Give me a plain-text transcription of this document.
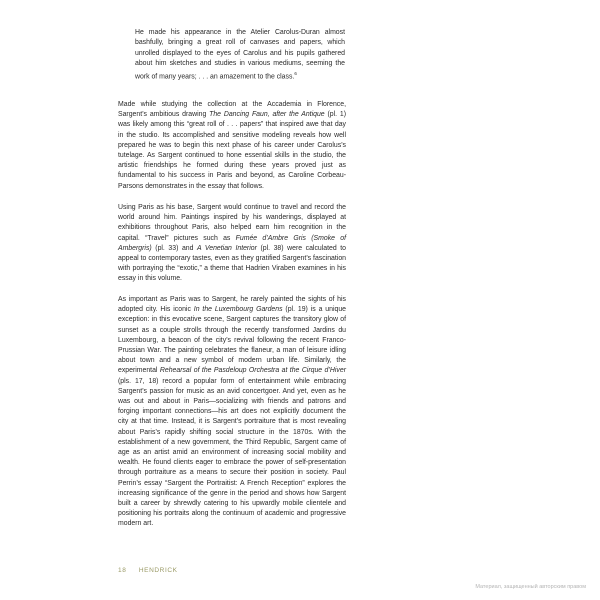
He made his appearance in the Atelier Carolus-Duran almost bashfully, bringing a great roll of canvases and papers, which unrolled displayed to the eyes of Carolus and his pupils gathered about him sketches and studies in various mediums, seeming the work of many years; . . . an amazement to the class.$^6$

Made while studying the collection at the Accademia in Florence, Sargent’s ambitious drawing The Dancing Faun, after the Antique (pl. 1) was likely among this “great roll of . . . papers” that inspired awe that day in the studio. Its accomplished and sensitive modeling reveals how well prepared he was to begin this next phase of his career under Carolus’s tutelage. As Sargent continued to hone essential skills in the studio, the artistic friendships he formed during these years proved just as fundamental to his success in Paris and beyond, as Caroline Corbeau-Parsons demonstrates in the essay that follows.

Using Paris as his base, Sargent would continue to travel and record the world around him. Paintings inspired by his wanderings, displayed at exhibitions throughout Paris, also helped earn him recognition in the capital. “Travel” pictures such as Fumée d’Ambre Gris (Smoke of Ambergris) (pl. 33) and A Venetian Interior (pl. 38) were calculated to appeal to contemporary tastes, even as they gratified Sargent’s fascination with portraying the “exotic,” a theme that Hadrien Viraben examines in his essay in this volume.

As important as Paris was to Sargent, he rarely painted the sights of his adopted city. His iconic In the Luxembourg Gardens (pl. 19) is a unique exception: in this evocative scene, Sargent captures the transitory glow of sunset as a couple strolls through the recently transformed Jardins du Luxembourg, a beacon of the city’s revival following the recent Franco-Prussian War. The painting celebrates the flaneur, a man of leisure idling about town and a new symbol of modern urban life. Similarly, the experimental Rehearsal of the Pasdeloup Orchestra at the Cirque d’Hiver (pls. 17, 18) record a popular form of entertainment while embracing Sargent’s passion for music as an avid concertgoer. And yet, even as he was out and about in Paris—socializing with friends and patrons and forging important connections—his art does not explicitly document the city at that time. Instead, it is Sargent’s portraiture that is most revealing about Paris’s rapidly shifting social structure in the 1870s. With the establishment of a new government, the Third Republic, Sargent came of age as an artist amid an environment of increasing social mobility and wealth. He found clients eager to embrace the power of self-presentation through portraiture as a means to secure their position in society. Paul Perrin’s essay “Sargent the Portraitist: A French Reception” explores the increasing significance of the genre in the period and shows how Sargent built a career by shrewdly catering to his upwardly mobile clientele and positioning his portraits along the continuum of academic and progressive modern art.

18 HENDRICK
Материал, защищенный авторским правом
